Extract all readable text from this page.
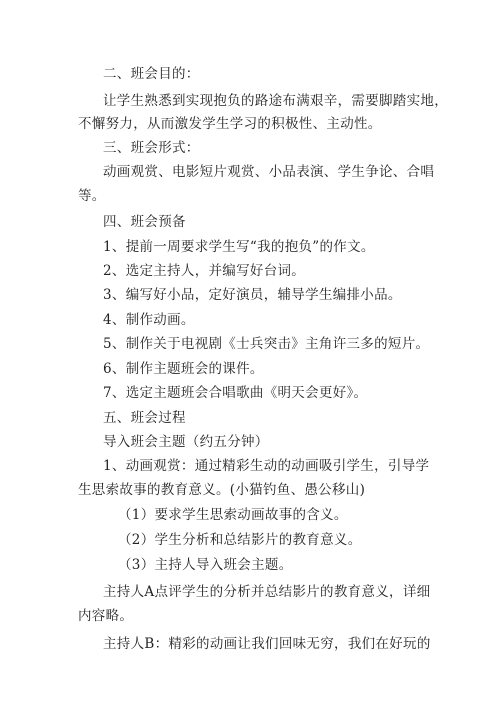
二、班会目的：
让学生熟悉到实现抱负的路途布满艰辛，需要脚踏实地，
不懈努力，从而激发学生学习的积极性、主动性。
三、班会形式：
动画观赏、电影短片观赏、小品表演、学生争论、合唱
等。
四、班会预备
1、提前一周要求学生写“我的抱负”的作文。
2、选定主持人，并编写好台词。
3、编写好小品，定好演员，辅导学生编排小品。
4、制作动画。
5、制作关于电视剧《士兵突击》主角许三多的短片。
6、制作主题班会的课件。
7、选定主题班会合唱歌曲《明天会更好》。
五、班会过程
导入班会主题（约五分钟）
1、动画观赏：通过精彩生动的动画吸引学生，引导学
生思索故事的教育意义。(小猫钓鱼、愚公移山)
（1）要求学生思索动画故事的含义。
（2）学生分析和总结影片的教育意义。
（3）主持人导入班会主题。
主持人A点评学生的分析并总结影片的教育意义，详细
内容略。
主持人B：精彩的动画让我们回味无穷，我们在好玩的
